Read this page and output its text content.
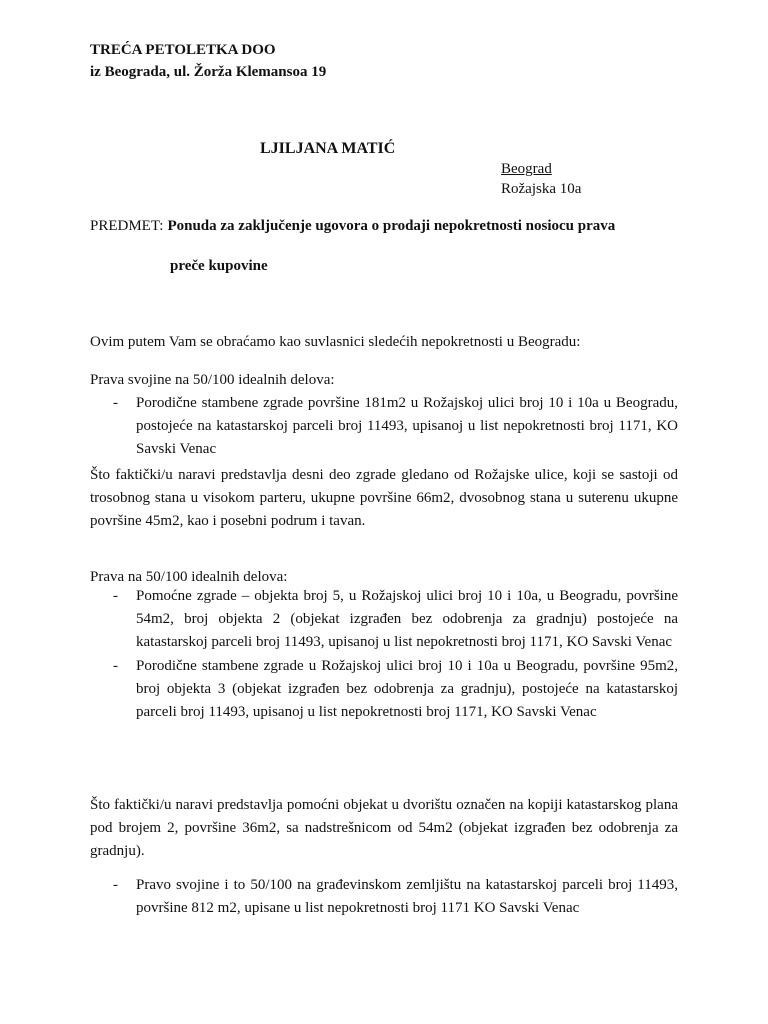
TREĆA PETOLETKA DOO
iz Beograda, ul. Žorža Klemansoa 19
LJILJANA MATIĆ
Beograd
Rožajska 10a
PREDMET: Ponuda za zaključenje ugovora o prodaji nepokretnosti nosiocu prava
preče kupovine
Ovim putem Vam se obraćamo kao suvlasnici sledećih nepokretnosti u Beogradu:
Prava svojine na 50/100 idealnih delova:
- Porodične stambene zgrade površine 181m2 u Rožajskoj ulici broj 10 i 10a u Beogradu, postojeće na katastarskoj parceli broj 11493, upisanoj u list nepokretnosti broj 1171, KO Savski Venac
Što faktički/u naravi predstavlja desni deo zgrade gledano od Rožajske ulice, koji se sastoji od trosobnog stana u visokom parteru, ukupne površine 66m2, dvosobnog stana u suterenu ukupne površine 45m2, kao i posebni podrum i tavan.
Prava na 50/100 idealnih delova:
- Pomoćne zgrade – objekta broj 5, u Rožajskoj ulici broj 10 i 10a, u Beogradu, površine 54m2, broj objekta 2 (objekat izgrađen bez odobrenja za gradnju) postojeće na katastarskoj parceli broj 11493, upisanoj u list nepokretnosti broj 1171, KO Savski Venac
- Porodične stambene zgrade u Rožajskoj ulici broj 10 i 10a u Beogradu, površine 95m2, broj objekta 3 (objekat izgrađen bez odobrenja za gradnju), postojeće na katastarskoj parceli broj 11493, upisanoj u list nepokretnosti broj 1171, KO Savski Venac
Što faktički/u naravi predstavlja pomoćni objekat u dvorištu označen na kopiji katastarskog plana pod brojem 2, površine 36m2, sa nadstrešnicom od 54m2 (objekat izgrađen bez odobrenja za gradnju).
- Pravo svojine i to 50/100 na građevinskom zemljištu na katastarskoj parceli broj 11493, površine 812 m2, upisane u list nepokretnosti broj 1171 KO Savski Venac
